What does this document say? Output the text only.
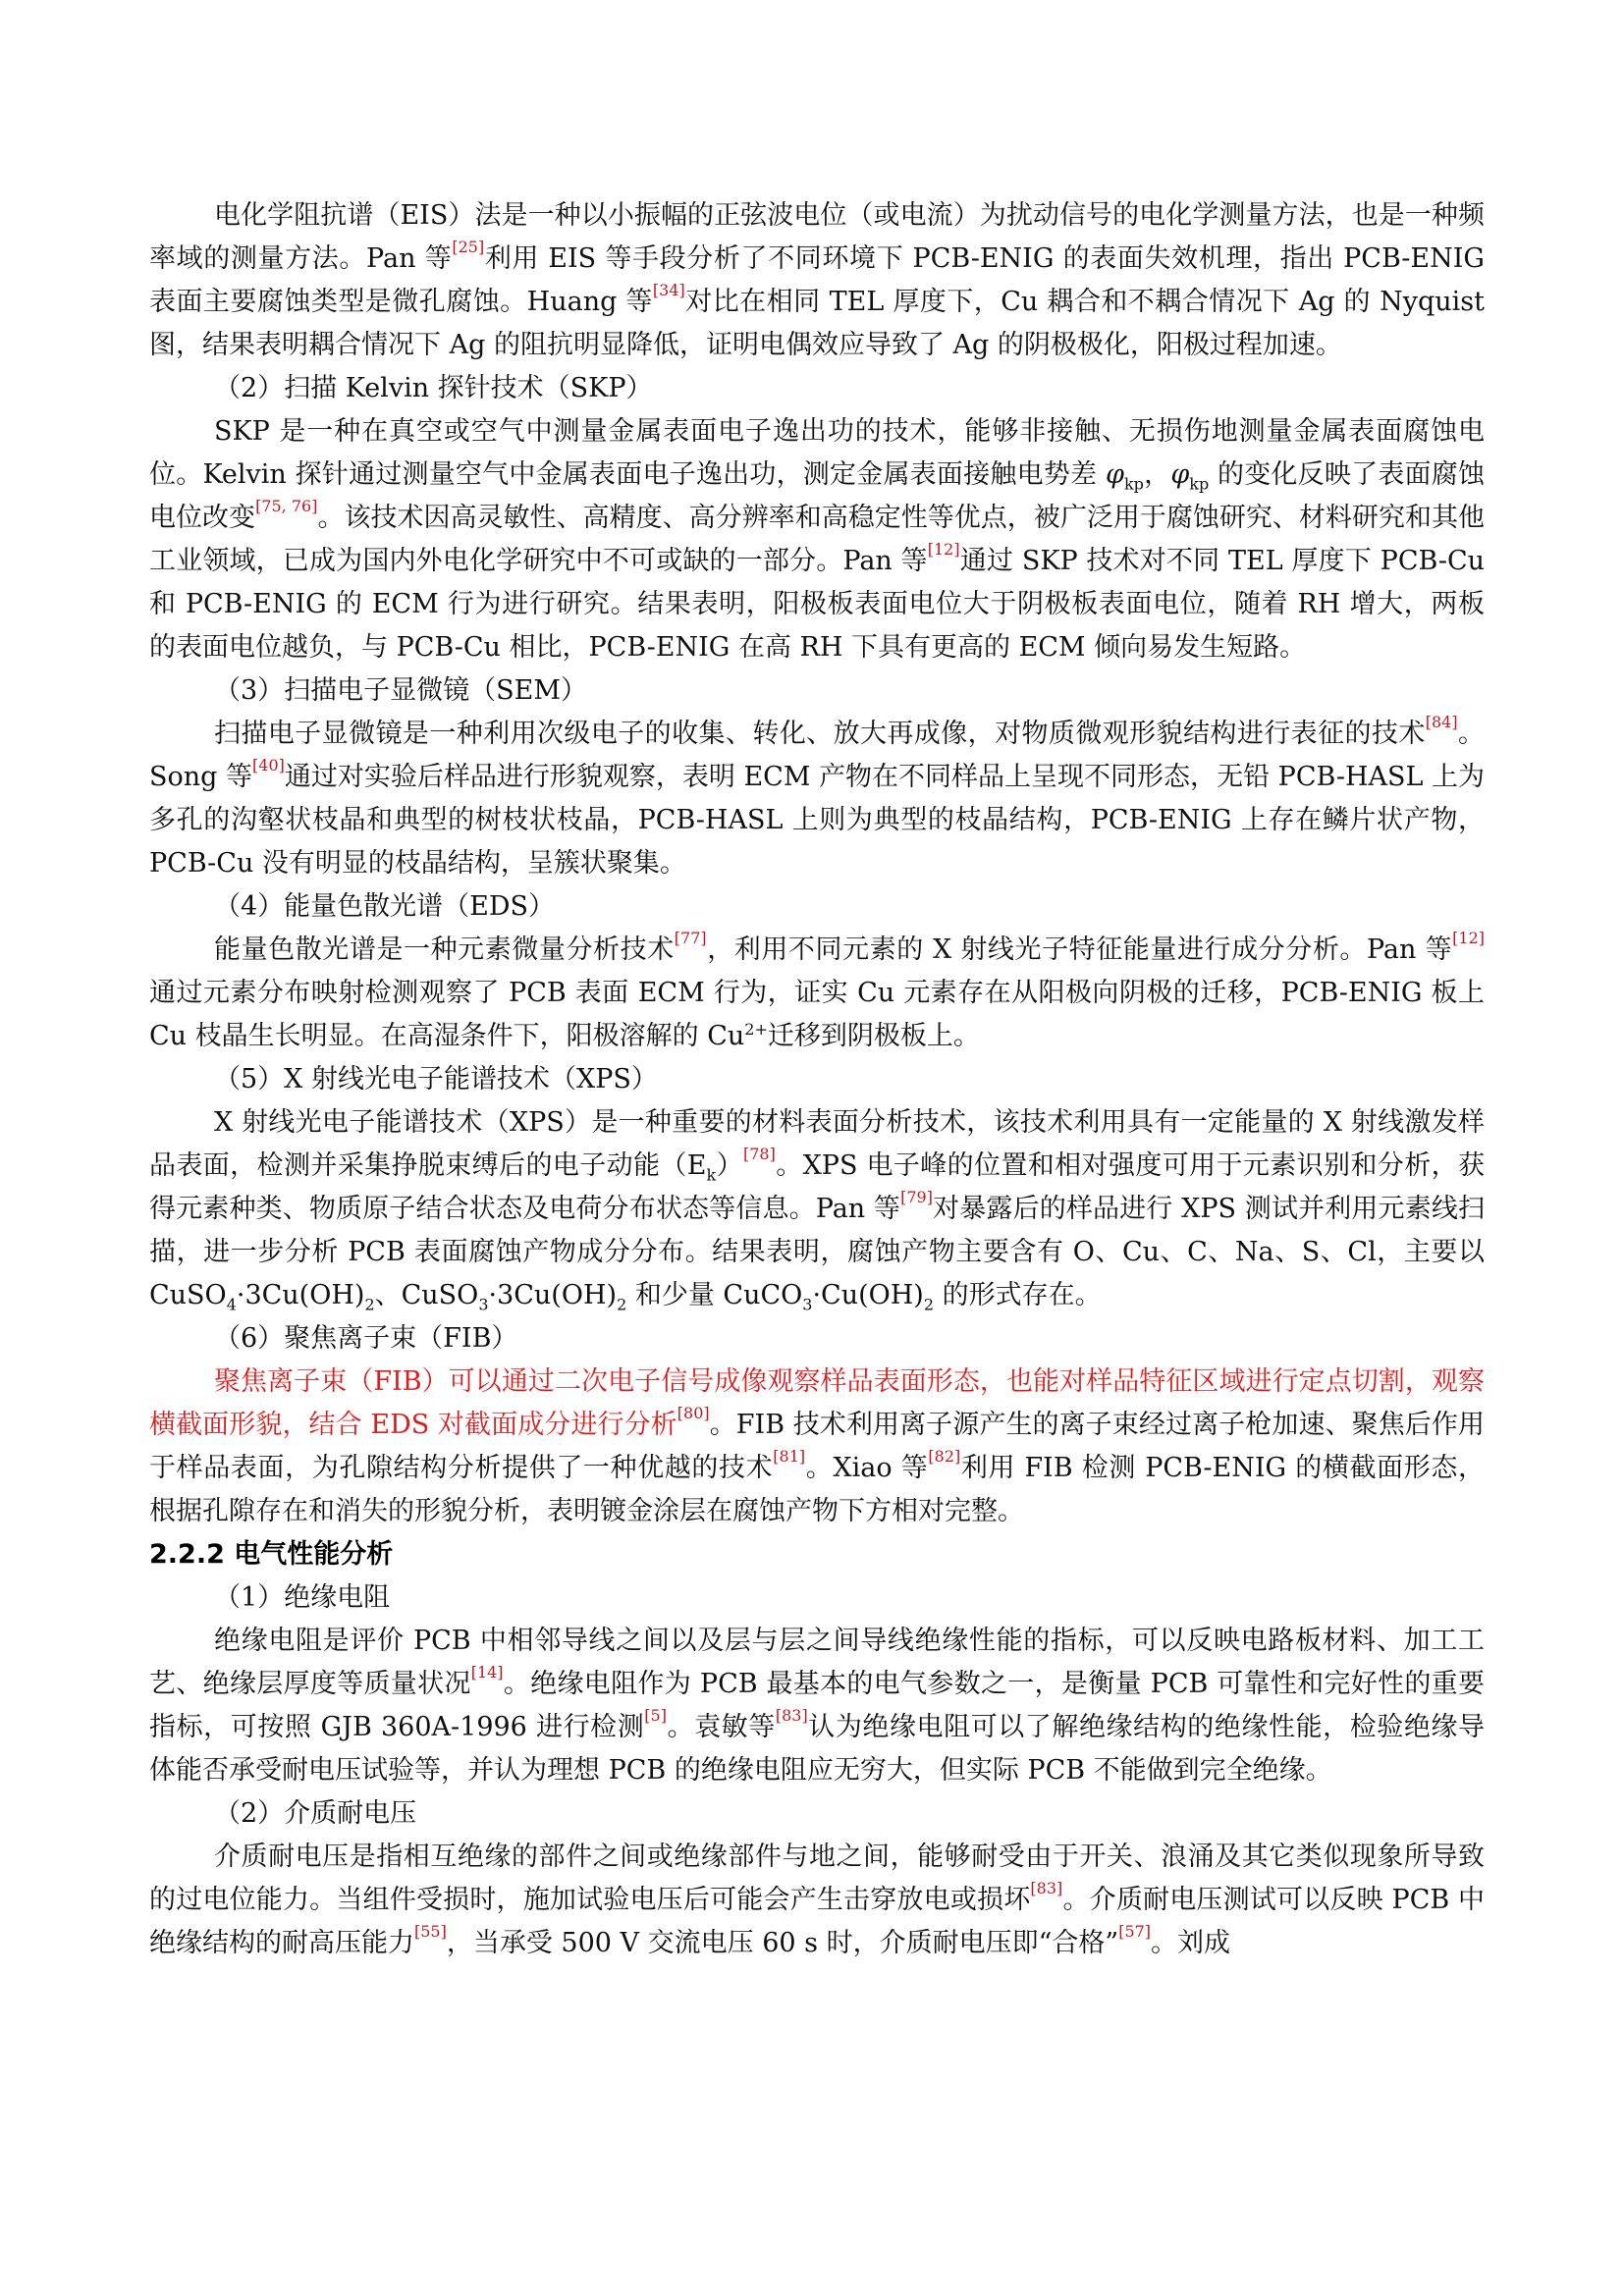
电化学阻抗谱（EIS）法是一种以小振幅的正弦波电位（或电流）为扰动信号的电化学测量方法，也是一种频率域的测量方法。Pan 等[25]利用 EIS 等手段分析了不同环境下 PCB-ENIG 的表面失效机理，指出 PCB-ENIG 表面主要腐蚀类型是微孔腐蚀。Huang 等[34]对比在相同 TEL 厚度下，Cu 耦合和不耦合情况下 Ag 的 Nyquist 图，结果表明耦合情况下 Ag 的阻抗明显降低，证明电偶效应导致了 Ag 的阴极极化，阳极过程加速。

（2）扫描 Kelvin 探针技术（SKP）

SKP 是一种在真空或空气中测量金属表面电子逸出功的技术，能够非接触、无损伤地测量金属表面腐蚀电位。Kelvin 探针通过测量空气中金属表面电子逸出功，测定金属表面接触电势差 $\varphi_{kp}$，$\varphi_{kp}$ 的变化反映了表面腐蚀电位改变[75, 76]。该技术因高灵敏性、高精度、高分辨率和高稳定性等优点，被广泛用于腐蚀研究、材料研究和其他工业领域，已成为国内外电化学研究中不可或缺的一部分。Pan 等[12]通过 SKP 技术对不同 TEL 厚度下 PCB-Cu 和 PCB-ENIG 的 ECM 行为进行研究。结果表明，阳极板表面电位大于阴极板表面电位，随着 RH 增大，两板的表面电位越负，与 PCB-Cu 相比，PCB-ENIG 在高 RH 下具有更高的 ECM 倾向易发生短路。

（3）扫描电子显微镜（SEM）

扫描电子显微镜是一种利用次级电子的收集、转化、放大再成像，对物质微观形貌结构进行表征的技术[84]。Song 等[40]通过对实验后样品进行形貌观察，表明 ECM 产物在不同样品上呈现不同形态，无铅 PCB-HASL 上为多孔的沟壑状枝晶和典型的树枝状枝晶，PCB-HASL 上则为典型的枝晶结构，PCB-ENIG 上存在鳞片状产物，PCB-Cu 没有明显的枝晶结构，呈簇状聚集。

（4）能量色散光谱（EDS）

能量色散光谱是一种元素微量分析技术[77]，利用不同元素的 X 射线光子特征能量进行成分分析。Pan 等[12]通过元素分布映射检测观察了 PCB 表面 ECM 行为，证实 Cu 元素存在从阳极向阴极的迁移，PCB-ENIG 板上 Cu 枝晶生长明显。在高湿条件下，阳极溶解的 $Cu^{2+}$迁移到阴极板上。

（5）X 射线光电子能谱技术（XPS）

X 射线光电子能谱技术（XPS）是一种重要的材料表面分析技术，该技术利用具有一定能量的 X 射线激发样品表面，检测并采集挣脱束缚后的电子动能$(E_k)[78]$。XPS 电子峰的位置和相对强度可用于元素识别和分析，获得元素种类、物质原子结合状态及电荷分布状态等信息。Pan 等[79]对暴露后的样品进行 XPS 测试并利用元素线扫描，进一步分析 PCB 表面腐蚀产物成分分布。结果表明，腐蚀产物主要含有 O、Cu、C、Na、S、Cl，主要以 $CuSO_4\cdot 3Cu(OH)_2$、$CuSO_3\cdot 3Cu(OH)_2$ 和少量 $CuCO_3\cdot Cu(OH)_2$ 的形式存在。

（6）聚焦离子束（FIB）

聚焦离子束（FIB）可以通过二次电子信号成像观察样品表面形态，也能对样品特征区域进行定点切割，观察横截面形貌，结合 EDS 对截面成分进行分析[80]。FIB 技术利用离子源产生的离子束经过离子枪加速、聚焦后作用于样品表面，为孔隙结构分析提供了一种优越的技术[81]。Xiao 等[82]利用 FIB 检测 PCB-ENIG 的横截面形态，根据孔隙存在和消失的形貌分析，表明镀金涂层在腐蚀产物下方相对完整。

2.2.2 电气性能分析

（1）绝缘电阻

绝缘电阻是评价 PCB 中相邻导线之间以及层与层之间导线绝缘性能的指标，可以反映电路板材料、加工工艺、绝缘层厚度等质量状况[14]。绝缘电阻作为 PCB 最基本的电气参数之一，是衡量 PCB 可靠性和完好性的重要指标，可按照 GJB 360A-1996 进行检测[5]。袁敏等[83]认为绝缘电阻可以了解绝缘结构的绝缘性能，检验绝缘导体能否承受耐电压试验等，并认为理想 PCB 的绝缘电阻应无穷大，但实际 PCB 不能做到完全绝缘。

（2）介质耐电压

介质耐电压是指相互绝缘的部件之间或绝缘部件与地之间，能够耐受由于开关、浪涌及其它类似现象所导致的过电位能力。当组件受损时，施加试验电压后可能会产生击穿放电或损坏[83]。介质耐电压测试可以反映 PCB 中绝缘结构的耐高压能力[55]，当承受 500 V 交流电压 60 s 时，介质耐电压即“合格”[57]。刘成
